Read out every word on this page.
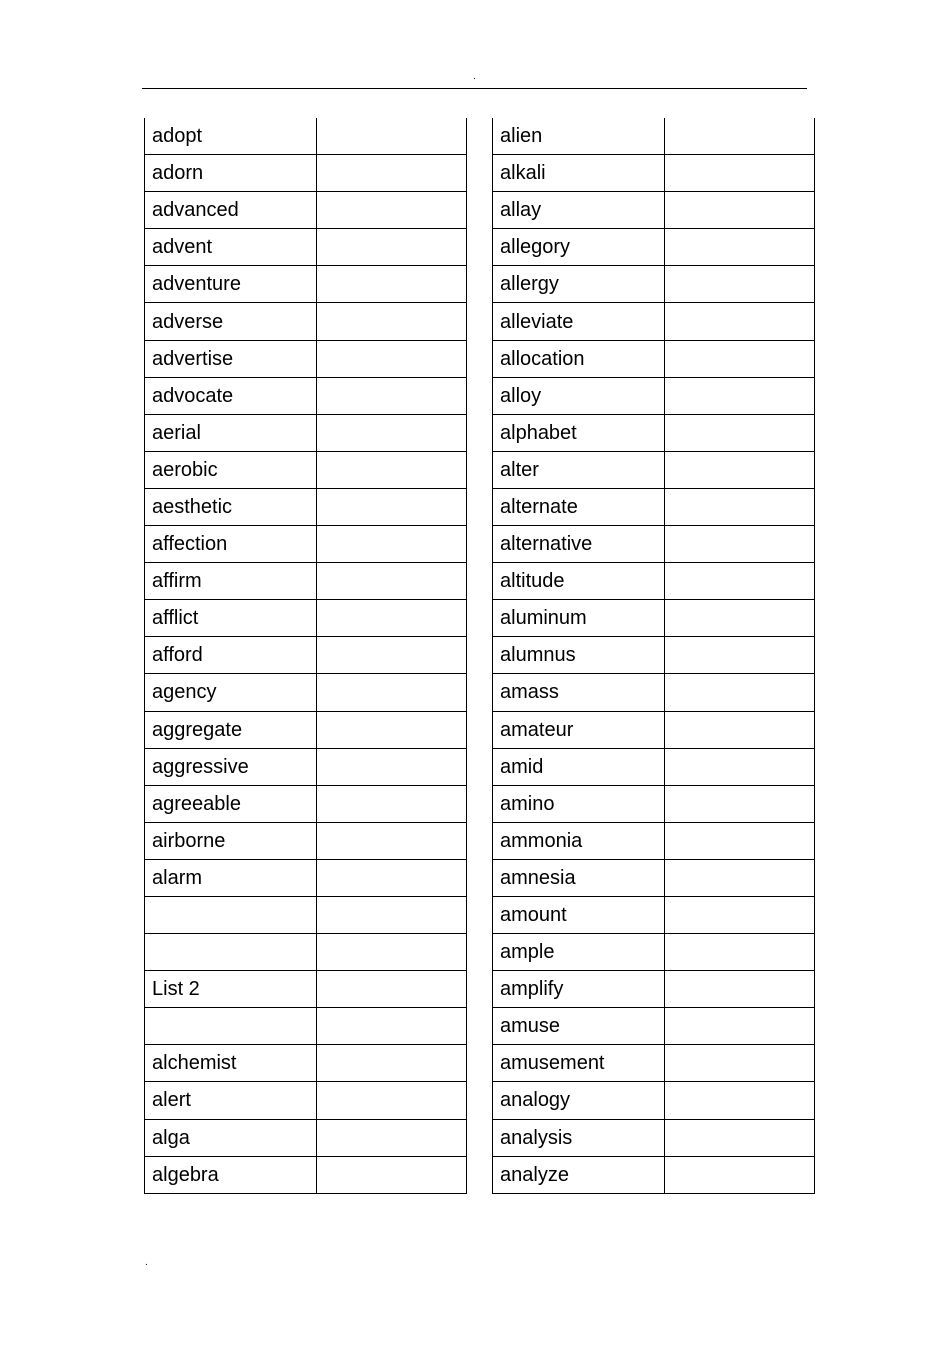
.
adopt	
adorn	
advanced	
advent	
adventure	
adverse	
advertise	
advocate	
aerial	
aerobic	
aesthetic	
affection	
affirm	
afflict	
afford	
agency	
aggregate	
aggressive	
agreeable	
airborne	
alarm	

List 2	

alchemist	
alert	
alga	
algebra	
alien	
alkali	
allay	
allegory	
allergy	
alleviate	
allocation	
alloy	
alphabet	
alter	
alternate	
alternative	
altitude	
aluminum	
alumnus	
amass	
amateur	
amid	
amino	
ammonia	
amnesia	
amount	
ample	
amplify	
amuse	
amusement	
analogy	
analysis	
analyze	
.
